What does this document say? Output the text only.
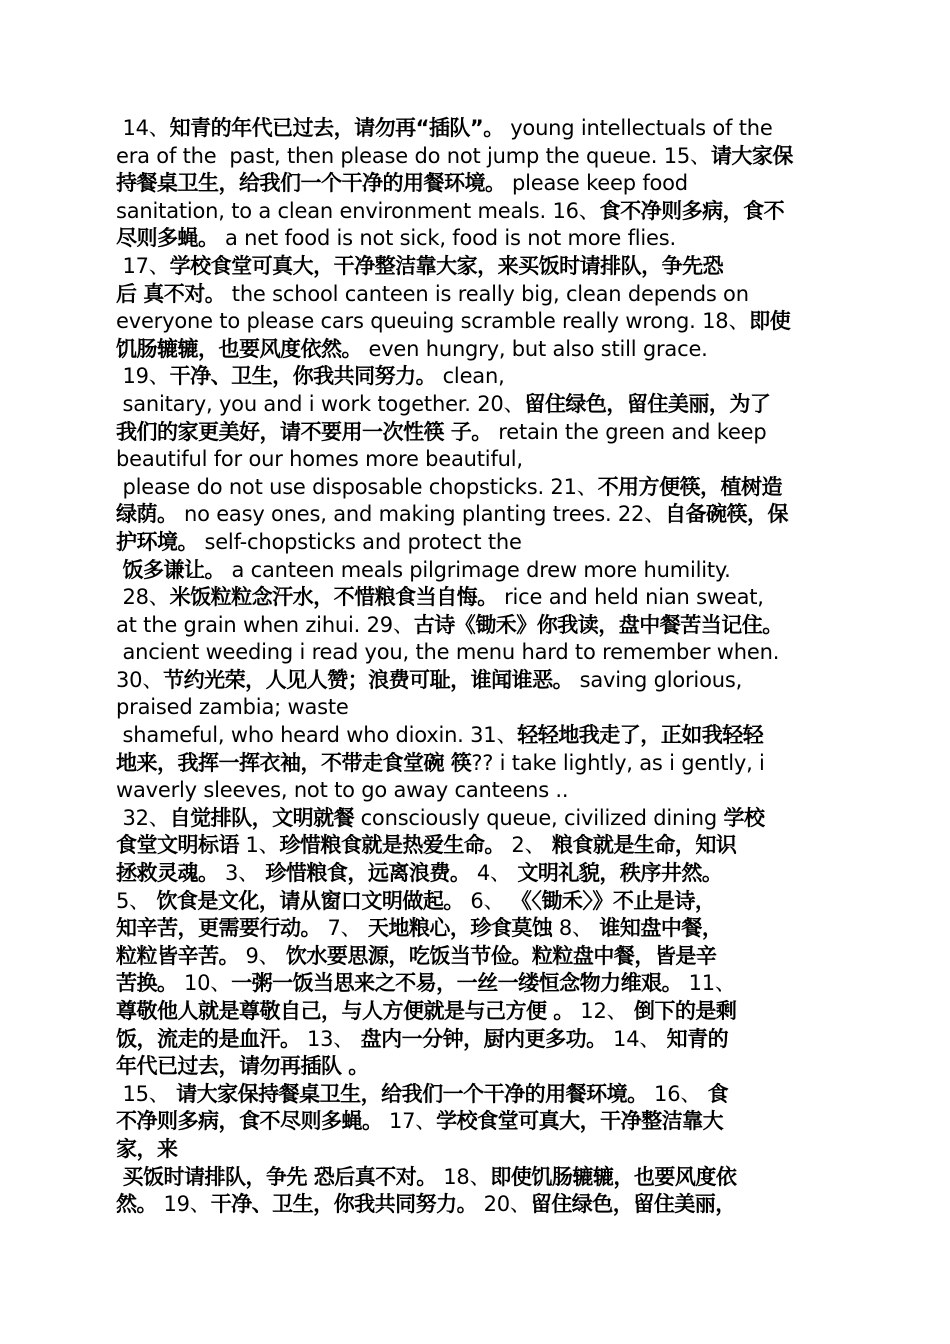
14、知青的年代已过去，请勿再“插队”。 young intellectuals of the
era of the  past, then please do not jump the queue. 15、请大家保
持餐桌卫生，给我们一个干净的用餐环境。 please keep food
sanitation, to a clean environment meals. 16、食不净则多病，食不
尽则多蝇。 a net food is not sick, food is not more flies.
17、学校食堂可真大，干净整洁靠大家，来买饭时请排队，争先恐
后 真不对。 the school canteen is really big, clean depends on
everyone to please cars queuing scramble really wrong. 18、即使
饥肠辘辘，也要风度依然。 even hungry, but also still grace.
19、干净、卫生，你我共同努力。 clean,
sanitary, you and i work together. 20、留住绿色，留住美丽，为了
我们的家更美好，请不要用一次性筷 子。 retain the green and keep
beautiful for our homes more beautiful,
please do not use disposable chopsticks. 21、不用方便筷，植树造
绿荫。 no easy ones, and making planting trees. 22、自备碗筷，保
护环境。 self-chopsticks and protect the
饭多谦让。 a canteen meals pilgrimage drew more humility.
28、米饭粒粒念汗水，不惜粮食当自悔。 rice and held nian sweat,
at the grain when zihui. 29、古诗《锄禾》你我读，盘中餐苦当记住。
ancient weeding i read you, the menu hard to remember when.
30、节约光荣，人见人赞；浪费可耻，谁闻谁恶。 saving glorious,
praised zambia; waste
shameful, who heard who dioxin. 31、轻轻地我走了，正如我轻轻
地来，我挥一挥衣袖，不带走食堂碗 筷?? i take lightly, as i gently, i
waverly sleeves, not to go away canteens ..
32、自觉排队，文明就餐 consciously queue, civilized dining 学校
食堂文明标语 1、珍惜粮食就是热爱生命。 2、 粮食就是生命，知识
拯救灵魂。 3、 珍惜粮食，远离浪费。 4、 文明礼貌，秩序井然。
5、 饮食是文化，请从窗口文明做起。 6、 《〈锄禾〉》不止是诗，
知辛苦，更需要行动。 7、 天地粮心，珍食莫蚀 8、 谁知盘中餐，
粒粒皆辛苦。 9、 饮水要思源，吃饭当节俭。粒粒盘中餐，皆是辛
苦换。 10、一粥一饭当思来之不易，一丝一缕恒念物力维艰。 11、
尊敬他人就是尊敬自己，与人方便就是与己方便 。 12、 倒下的是剩
饭，流走的是血汗。 13、 盘内一分钟，厨内更多功。 14、 知青的
年代已过去，请勿再插队 。
15、 请大家保持餐桌卫生，给我们一个干净的用餐环境。 16、 食
不净则多病，食不尽则多蝇。 17、学校食堂可真大，干净整洁靠大
家，来
买饭时请排队，争先 恐后真不对。 18、即使饥肠辘辘，也要风度依
然。 19、干净、卫生，你我共同努力。 20、留住绿色，留住美丽，
